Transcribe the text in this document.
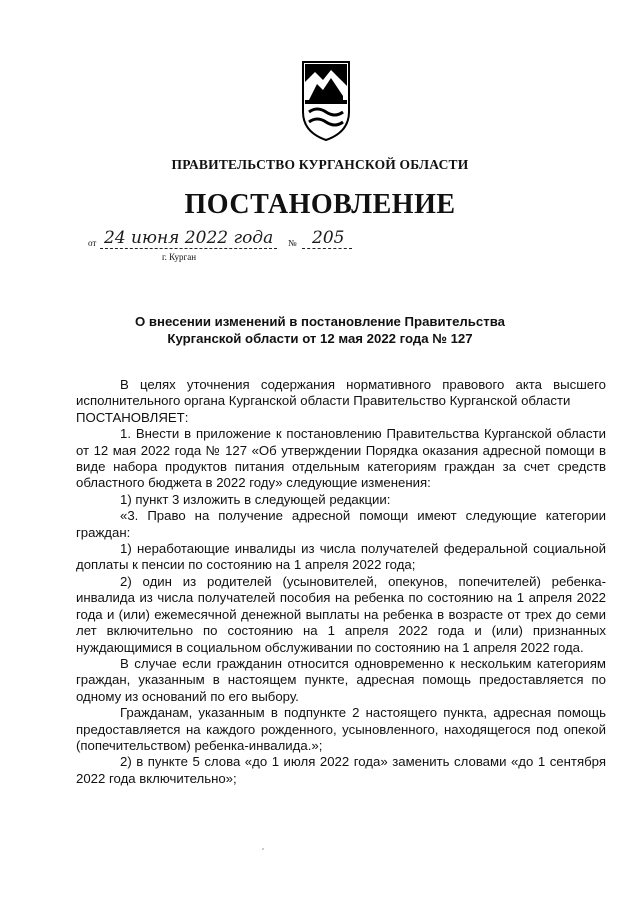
ПРАВИТЕЛЬСТВО КУРГАНСКОЙ ОБЛАСТИ
ПОСТАНОВЛЕНИЕ
от 24 июня 2022 года № 205
г. Курган
О внесении изменений в постановление Правительства
Курганской области от 12 мая 2022 года № 127

В целях уточнения содержания нормативного правового акта высшего исполнительного органа Курганской области Правительство Курганской области

ПОСТАНОВЛЯЕТ:

1. Внести в приложение к постановлению Правительства Курганской области от 12 мая 2022 года № 127 «Об утверждении Порядка оказания адресной помощи в виде набора продуктов питания отдельным категориям граждан за счет средств областного бюджета в 2022 году» следующие изменения:

1) пункт 3 изложить в следующей редакции:

«3. Право на получение адресной помощи имеют следующие категории граждан:

1) неработающие инвалиды из числа получателей федеральной социальной доплаты к пенсии по состоянию на 1 апреля 2022 года;

2) один из родителей (усыновителей, опекунов, попечителей) ребенка-инвалида из числа получателей пособия на ребенка по состоянию на 1 апреля 2022 года и (или) ежемесячной денежной выплаты на ребенка в возрасте от трех до семи лет включительно по состоянию на 1 апреля 2022 года и (или) признанных нуждающимися в социальном обслуживании по состоянию на 1 апреля 2022 года.

В случае если гражданин относится одновременно к нескольким категориям граждан, указанным в настоящем пункте, адресная помощь предоставляется по одному из оснований по его выбору.

Гражданам, указанным в подпункте 2 настоящего пункта, адресная помощь предоставляется на каждого рожденного, усыновленного, находящегося под опекой (попечительством) ребенка-инвалида.»;

2) в пункте 5 слова «до 1 июля 2022 года» заменить словами «до 1 сентября 2022 года включительно»;
